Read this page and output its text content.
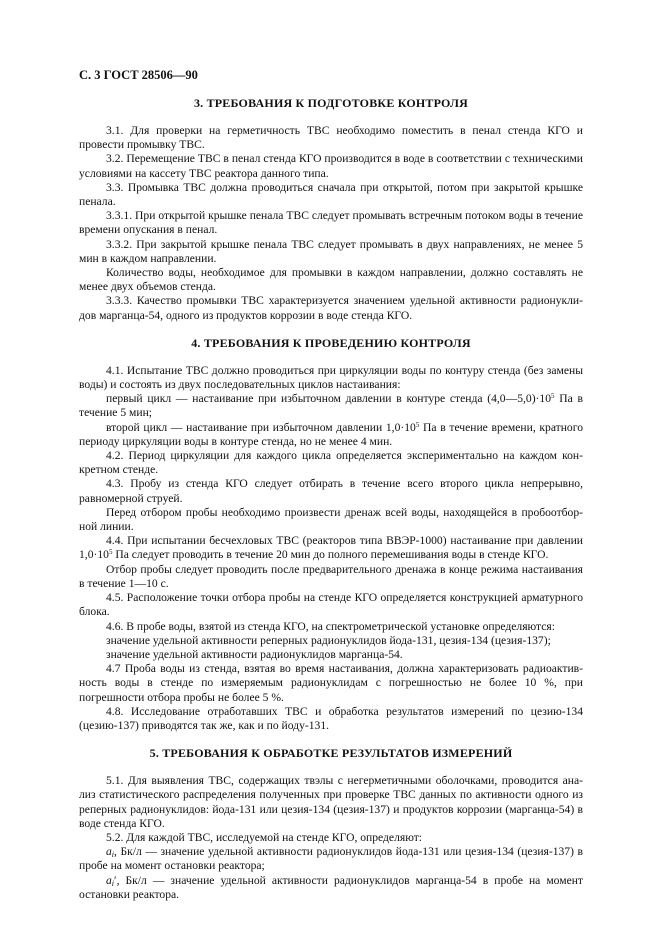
С. 3 ГОСТ 28506—90
3. ТРЕБОВАНИЯ К ПОДГОТОВКЕ КОНТРОЛЯ

3.1. Для проверки на герметичность ТВС необходимо поместить в пенал стенда КГО и провести промывку ТВС.

3.2. Перемещение ТВС в пенал стенда КГО производится в воде в соответствии с техническими условиями на кассету ТВС реактора данного типа.

3.3. Промывка ТВС должна проводиться сначала при открытой, потом при закрытой крышке пенала.

3.3.1. При открытой крышке пенала ТВС следует промывать встречным потоком воды в течение времени опускания в пенал.

3.3.2. При закрытой крышке пенала ТВС следует промывать в двух направлениях, не менее 5 мин в каждом направлении.

Количество воды, необходимое для промывки в каждом направлении, должно составлять не менее двух объемов стенда.

3.3.3. Качество промывки ТВС характеризуется значением удельной активности радионукли-дов марганца-54, одного из продуктов коррозии в воде стенда КГО.

4. ТРЕБОВАНИЯ К ПРОВЕДЕНИЮ КОНТРОЛЯ

4.1. Испытание ТВС должно проводиться при циркуляции воды по контуру стенда (без замены воды) и состоять из двух последовательных циклов настаивания:

первый цикл — настаивание при избыточном давлении в контуре стенда $(4,0—5,0)\cdot 10^5$ Па в течение 5 мин;

второй цикл — настаивание при избыточном давлении $1,0\cdot 10^5$ Па в течение времени, кратного периоду циркуляции воды в контуре стенда, но не менее 4 мин.

4.2. Период циркуляции для каждого цикла определяется экспериментально на каждом кон-кретном стенде.

4.3. Пробу из стенда КГО следует отбирать в течение всего второго цикла непрерывно, равномерной струей.

Перед отбором пробы необходимо произвести дренаж всей воды, находящейся в пробоотбор-ной линии.

4.4. При испытании бесчехловых ТВС (реакторов типа ВВЭР-1000) настаивание при давлении $1,0\cdot 10^5$ Па следует проводить в течение 20 мин до полного перемешивания воды в стенде КГО.

Отбор пробы следует проводить после предварительного дренажа в конце режима настаивания в течение 1—10 с.

4.5. Расположение точки отбора пробы на стенде КГО определяется конструкцией арматурного блока.

4.6. В пробе воды, взятой из стенда КГО, на спектрометрической установке определяются:

значение удельной активности реперных радионуклидов йода-131, цезия-134 (цезия-137);

значение удельной активности радионуклидов марганца-54.

4.7 Проба воды из стенда, взятая во время настаивания, должна характеризовать радиоактив-ность воды в стенде по измеряемым радионуклидам с погрешностью не более 10 %, при погрешности отбора пробы не более 5 %.

4.8. Исследование отработавших ТВС и обработка результатов измерений по цезию-134 (цезию-137) приводятся так же, как и по йоду-131.

5. ТРЕБОВАНИЯ К ОБРАБОТКЕ РЕЗУЛЬТАТОВ ИЗМЕРЕНИЙ

5.1. Для выявления ТВС, содержащих твэлы с негерметичными оболочками, проводится ана-лиз статистического распределения полученных при проверке ТВС данных по активности одного из реперных радионуклидов: йода-131 или цезия-134 (цезия-137) и продуктов коррозии (марганца-54) в воде стенда КГО.

5.2. Для каждой ТВС, исследуемой на стенде КГО, определяют:

$a_i$, Бк/л — значение удельной активности радионуклидов йода-131 или цезия-134 (цезия-137) в пробе на момент остановки реактора;

$a_i'$, Бк/л — значение удельной активности радионуклидов марганца-54 в пробе на момент остановки реактора.
